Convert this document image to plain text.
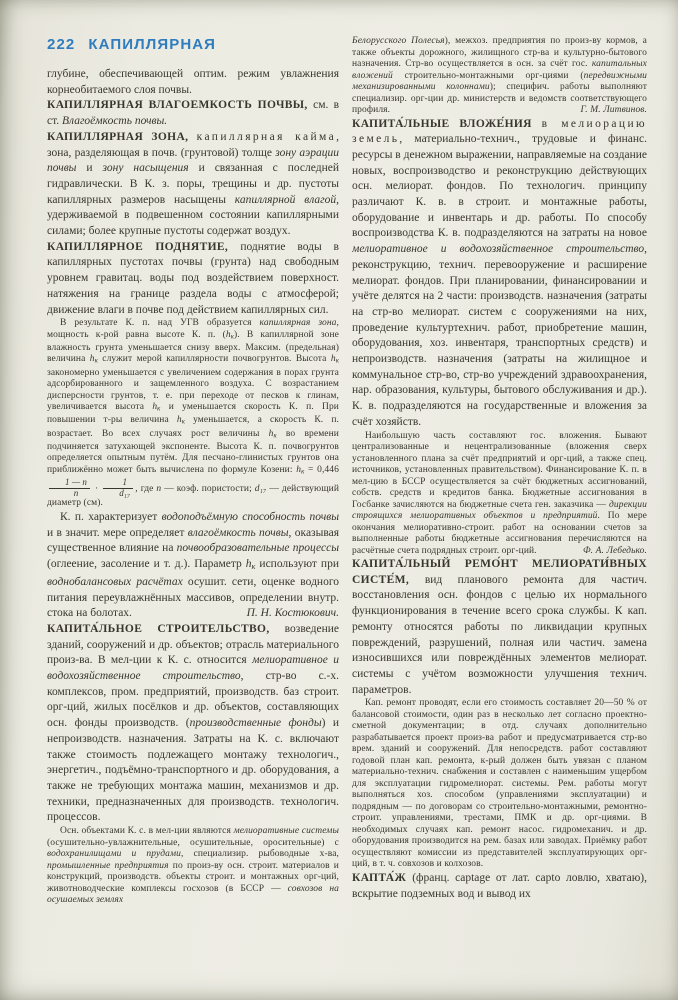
222 КАПИЛЛЯРНАЯ

глубине, обеспечивающей оптим. режим увлажнения корнеобитаемого слоя почвы.

КАПИЛЛЯРНАЯ ВЛАГОЕМКОСТЬ ПОЧВЫ, см. в ст. Влагоёмкость почвы.

КАПИЛЛЯРНАЯ ЗОНА, капиллярная кайма, зона, разделяющая в почв. (грунтовой) толще зону аэрации почвы и зону насыщения и связанная с последней гидравлически. В К. з. поры, трещины и др. пустоты капиллярных размеров насыщены капиллярной влагой, удерживаемой в подвешенном состоянии капиллярными силами; более крупные пустоты содержат воздух.

КАПИЛЛЯРНОЕ ПОДНЯТИЕ, поднятие воды в капиллярных пустотах почвы (грунта) над свободным уровнем гравитац. воды под воздействием поверхност. натяжения на границе раздела воды с атмосферой; движение влаги в почве под действием капиллярных сил.

В результате К. п. над УГВ образуется капиллярная зона, мощность к-рой равна высоте К. п. (hк). В капиллярной зоне влажность грунта уменьшается снизу вверх. Максим. (предельная) величина hк служит мерой капиллярности почвогрунтов. Высота hк закономерно уменьшается с увеличением содержания в порах грунта адсорбированного и защемленного воздуха. С возрастанием дисперсности грунтов, т. е. при переходе от песков к глинам, увеличивается высота hк и уменьшается скорость К. п. При повышении т-ры величина hк уменьшается, а скорость К. п. возрастает. Во всех случаях рост величины hк во времени подчиняется затухающей экспоненте. Высота К. п. почвогрунтов определяется опытным путём. Для песчано-глинистых грунтов она приближённо может быть вычислена по формуле Козени: hк = 0,446
$\frac{1 — n}{n} \cdot \frac{1}{\text{d₁₇}}$ , где n — коэф. пористости; d₁₇ — действующий диаметр (см).

К. п. характеризует водоподъёмную способность почвы и в значит. мере определяет влагоёмкость почвы, оказывая существенное влияние на почвообразовательные процессы (оглеение, засоление и т. д.). Параметр hк используют при воднобалансовых расчётах осушит. сети, оценке водного питания переувлажнённых массивов, определении внутр. стока на болотах.	П. Н. Костюкович.

КАПИТА́ЛЬНОЕ СТРОИТЕЛЬСТВО, возведение зданий, сооружений и др. объектов; отрасль материального произ-ва. В мел-ции к К. с. относится мелиоративное и водохозяйственное строительство, стр-во с.-х. комплексов, пром. предприятий, производств. баз строит. орг-ций, жилых посёлков и др. объектов, составляющих осн. фонды производств. (производственные фонды) и непроизводств. назначения. Затраты на К. с. включают также стоимость подлежащего монтажу технологич., энергетич., подъёмно-транспортного и др. оборудования, а также не требующих монтажа машин, механизмов и др. техники, предназначенных для производств. технологич. процессов.

Осн. объектами К. с. в мел-ции являются мелиоративные системы (осушительно-увлажнительные, осушительные, оросительные) с водохранилищами и прудами, специализир. рыбоводные х-ва, промышленные предприятия по произ-ву осн. строит. материалов и конструкций, производств. объекты строит. и монтажных орг-ций, животноводческие комплексы госхозов (в БССР — совхозов на осушаемых землях

Белорусского Полесья), межхоз. предприятия по произ-ву кормов, а также объекты дорожного, жилищного стр-ва и культурно-бытового назначения. Стр-во осуществляется в осн. за счёт гос. капитальных вложений строительно-монтажными орг-циями (передвижными механизированными колоннами); специфич. работы выполняют специализир. орг-ции др. министерств и ведомств соответствующего профиля.	Г. М. Литвинов.

КАПИТА́ЛЬНЫЕ ВЛОЖЕ́НИЯ в мелиорацию земель, материально-технич., трудовые и финанс. ресурсы в денежном выражении, направляемые на создание новых, воспроизводство и реконструкцию действующих осн. мелиорат. фондов. По технологич. принципу различают К. в. в строит. и монтажные работы, оборудование и инвентарь и др. работы. По способу воспроизводства К. в. подразделяются на затраты на новое мелиоративное и водохозяйственное строительство, реконструкцию, технич. перевооружение и расширение мелиорат. фондов. При планировании, финансировании и учёте делятся на 2 части: производств. назначения (затраты на стр-во мелиорат. систем с сооружениями на них, проведение культуртехнич. работ, приобретение машин, оборудования, хоз. инвентаря, транспортных средств) и непроизводств. назначения (затраты на жилищное и коммунальное стр-во, стр-во учреждений здравоохранения, нар. образования, культуры, бытового обслуживания и др.). К. в. подразделяются на государственные и вложения за счёт хозяйств.

Наибольшую часть составляют гос. вложения. Бывают централизованные и нецентрализованные (вложения сверх установленного плана за счёт предприятий и орг-ций, а также спец. источников, установленных правительством). Финансирование К. п. в мел-цию в БССР осуществляется за счёт бюджетных ассигнований, собств. средств и кредитов банка. Бюджетные ассигнования в Госбанке зачисляются на бюджетные счета ген. заказчика — дирекции строящихся мелиоративных объектов и предприятий. По мере окончания мелиоративно-строит. работ на основании счетов за выполненные работы бюджетные ассигнования перечисляются на расчётные счета подрядных строит. орг-ций.	Ф. А. Лебедько.

КАПИТА́ЛЬНЫЙ РЕМО́НТ МЕЛИОРАТИ́ВНЫХ СИСТЕ́М, вид планового ремонта для частич. восстановления осн. фондов с целью их нормального функционирования в течение всего срока службы. К кап. ремонту относятся работы по ликвидации крупных повреждений, разрушений, полная или частич. замена износившихся или повреждённых элементов мелиорат. системы с учётом возможности улучшения технич. параметров.

Кап. ремонт проводят, если его стоимость составляет 20—50 % от балансовой стоимости, один раз в несколько лет согласно проектно-сметной документации; в отд. случаях дополнительно разрабатывается проект произ-ва работ и предусматривается стр-во врем. зданий и сооружений. Для непосредств. работ составляют годовой план кап. ремонта, к-рый должен быть увязан с планом материально-технич. снабжения и составлен с наименьшим ущербом для эксплуатации гидромелиорат. системы. Рем. работы могут выполняться хоз. способом (управлениями эксплуатации) и подрядным — по договорам со строительно-монтажными, ремонтно-строит. управлениями, трестами, ПМК и др. орг-циями. В необходимых случаях кап. ремонт насос. гидромеханич. и др. оборудования производится на рем. базах или заводах. Приёмку работ осуществляют комиссии из представителей эксплуатирующих орг-ций, в т. ч. совхозов и колхозов.

КАПТА́Ж (франц. captage от лат. capto ловлю, хватаю), вскрытие подземных вод и вывод их
